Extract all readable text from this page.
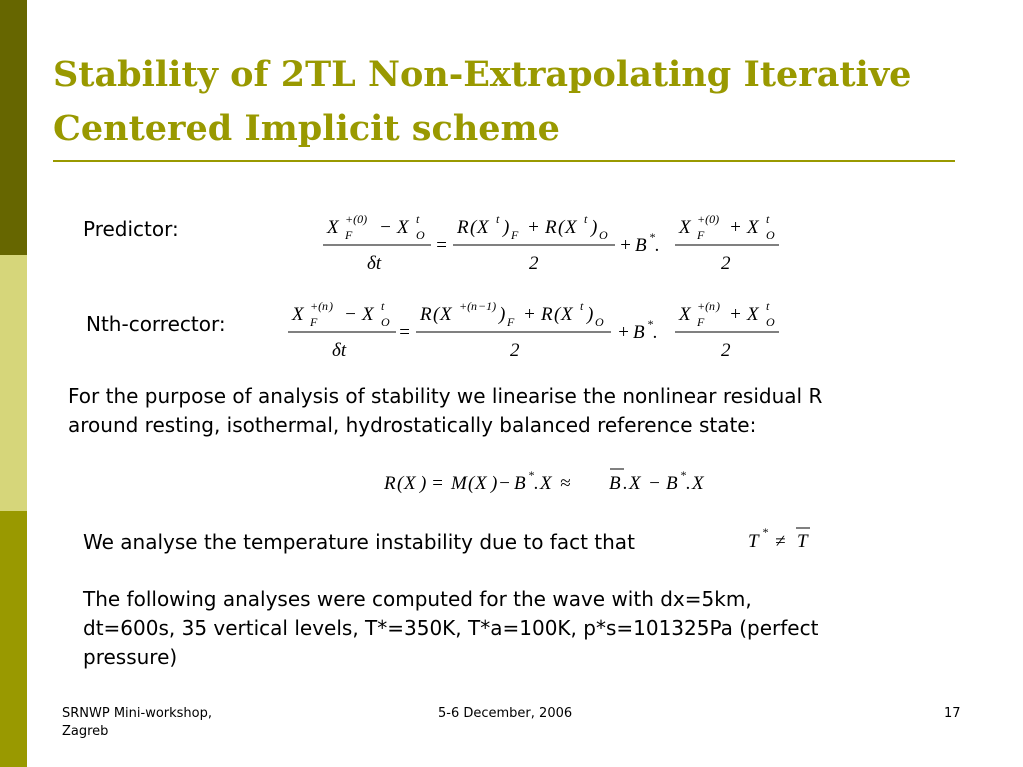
Stability of 2TL Non-Extrapolating Iterative
Centered Implicit scheme
Predictor:	X +(0)
F − X t
O
δt
=
R ( X t ) F + R ( X t ) O
2
+ B * .
X +(0)
F + X t
O
2
Nth-corrector:	X +( n )
F − X t
O
δt
=
R ( X +( n −1) ) F + R ( X t ) O
2
+ B * .
X +( n )
F + X t
O
2
For the purpose of analysis of stability we linearise the nonlinear residual R
around resting, isothermal, hydrostatically balanced reference state:
R ( X ) = M ( X ) − B * . X ≈ B . X − B * . X
We analyse the temperature instability due to fact that	T * ≠ T
The following analyses were computed for the wave with dx=5km,
dt=600s, 35 vertical levels, T*=350K, T*a=100K, p*s=101325Pa (perfect
pressure)
SRNWP Mini-workshop,
Zagreb
5-6 December, 2006	17
